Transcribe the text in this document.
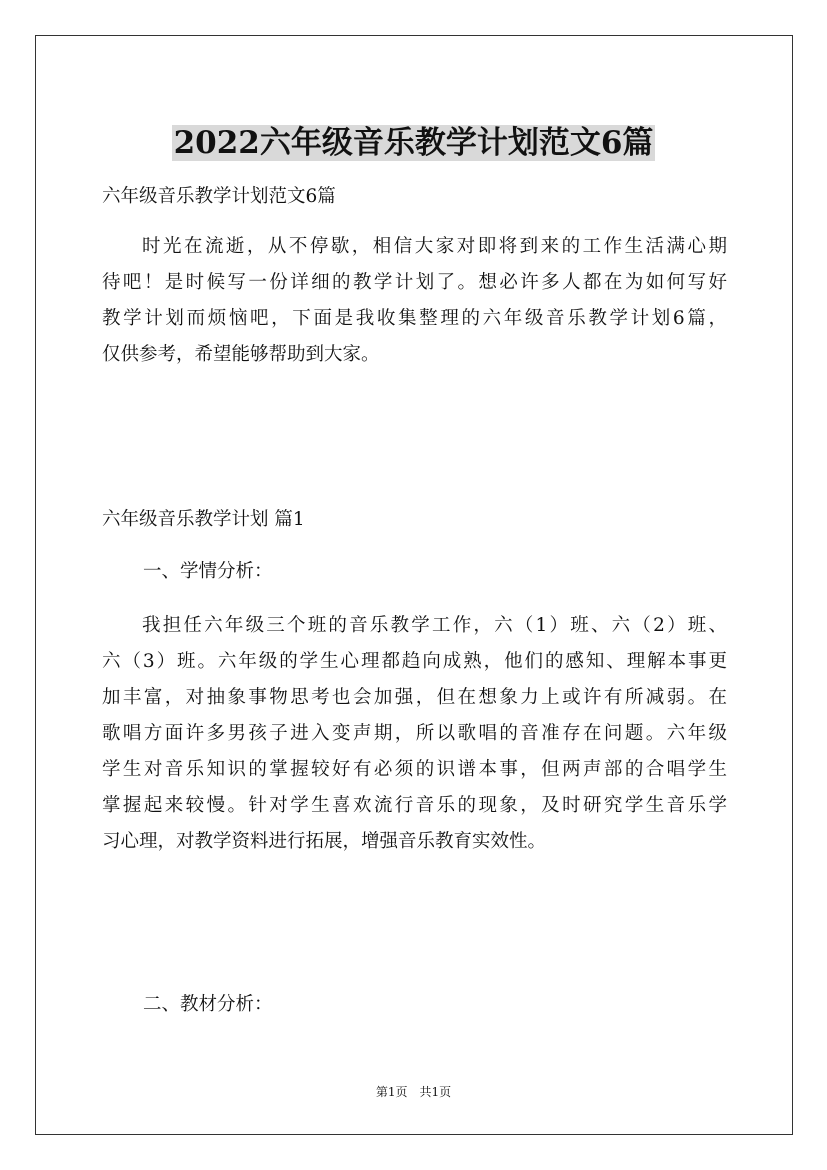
2022六年级音乐教学计划范文6篇

六年级音乐教学计划范文6篇

时光在流逝，从不停歇，相信大家对即将到来的工作生活满心期
待吧！是时候写一份详细的教学计划了。想必许多人都在为如何写好
教学计划而烦恼吧，下面是我收集整理的六年级音乐教学计划6篇，
仅供参考，希望能够帮助到大家。

六年级音乐教学计划 篇1

一、学情分析：

我担任六年级三个班的音乐教学工作，六（1）班、六（2）班、
六（3）班。六年级的学生心理都趋向成熟，他们的感知、理解本事更
加丰富，对抽象事物思考也会加强，但在想象力上或许有所减弱。在
歌唱方面许多男孩子进入变声期，所以歌唱的音准存在问题。六年级
学生对音乐知识的掌握较好有必须的识谱本事，但两声部的合唱学生
掌握起来较慢。针对学生喜欢流行音乐的现象，及时研究学生音乐学
习心理，对教学资料进行拓展，增强音乐教育实效性。

二、教材分析：

第1页 共1页
